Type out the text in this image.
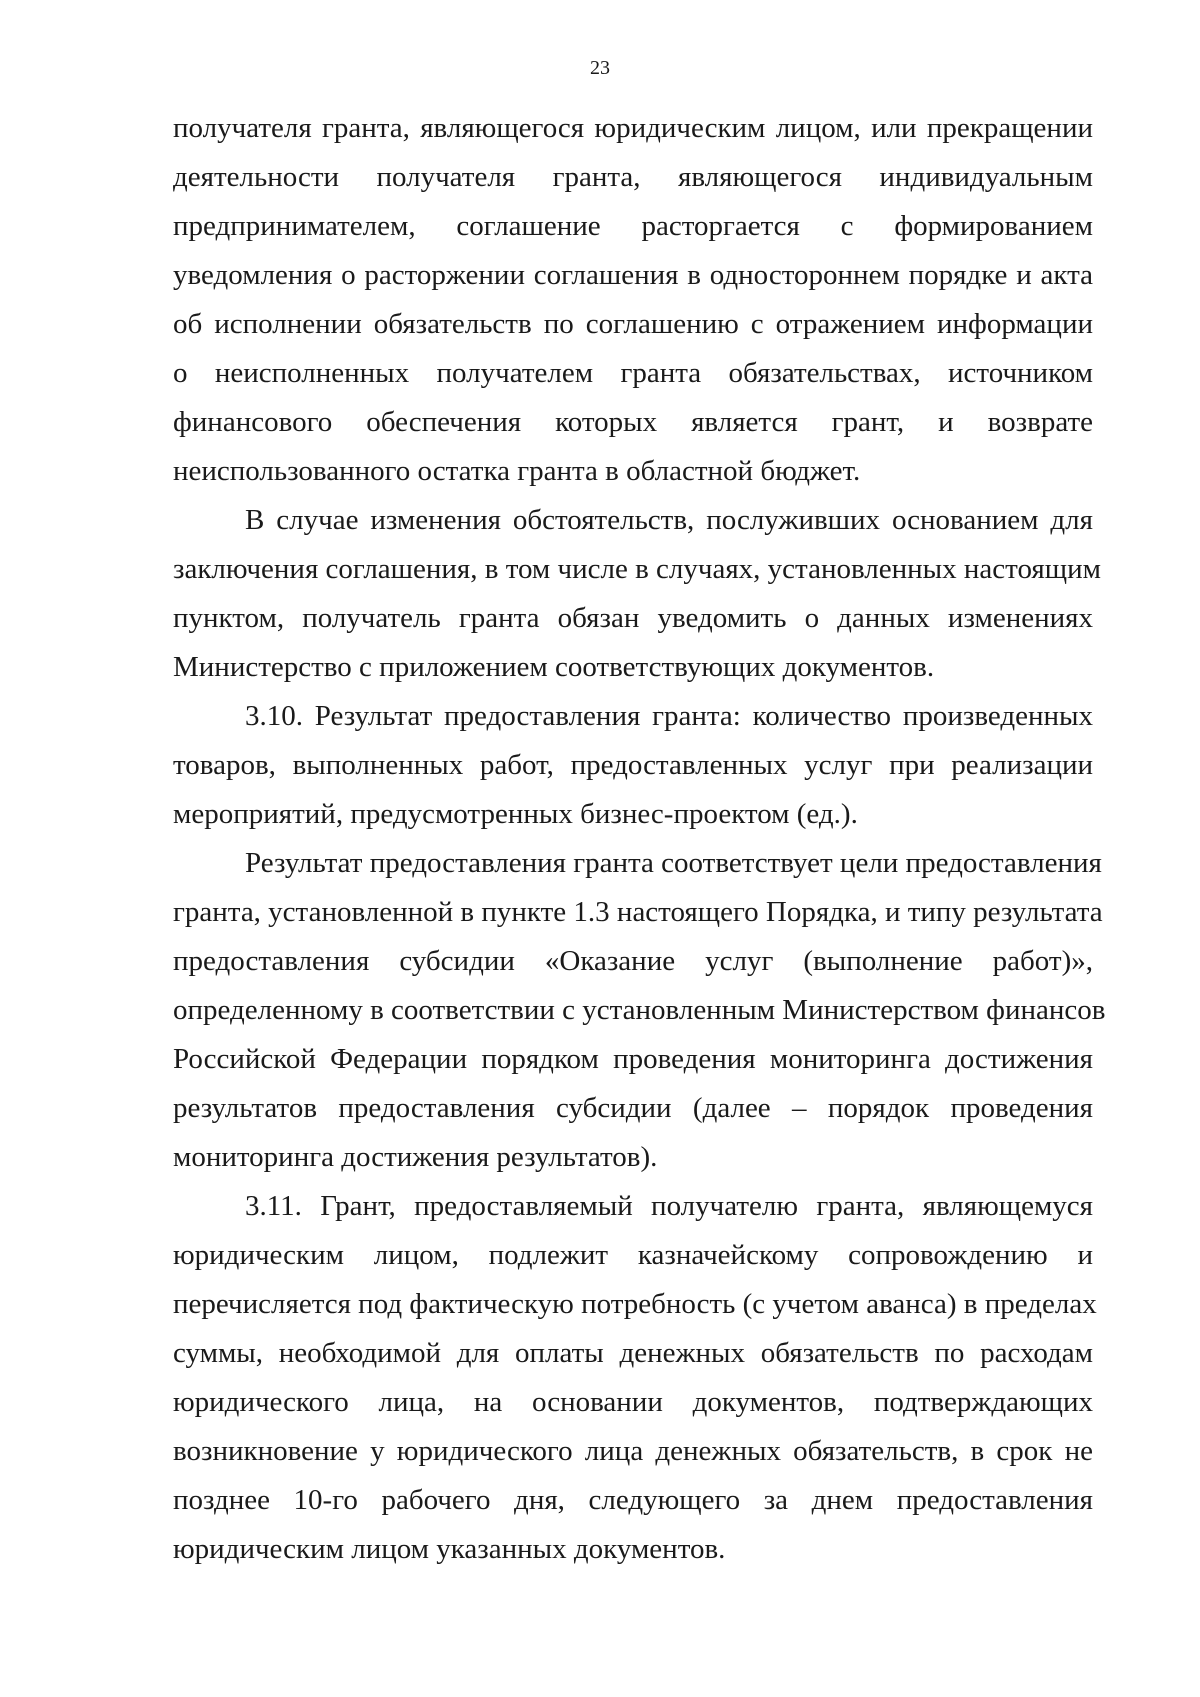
23
получателя гранта, являющегося юридическим лицом, или прекращении
деятельности получателя гранта, являющегося индивидуальным
предпринимателем, соглашение расторгается с формированием
уведомления о расторжении соглашения в одностороннем порядке и акта
об исполнении обязательств по соглашению с отражением информации
о неисполненных получателем гранта обязательствах, источником
финансового обеспечения которых является грант, и возврате
неиспользованного остатка гранта в областной бюджет.
В случае изменения обстоятельств, послуживших основанием для
заключения соглашения, в том числе в случаях, установленных настоящим
пунктом, получатель гранта обязан уведомить о данных изменениях
Министерство с приложением соответствующих документов.
3.10. Результат предоставления гранта: количество произведенных
товаров, выполненных работ, предоставленных услуг при реализации
мероприятий, предусмотренных бизнес-проектом (ед.).
Результат предоставления гранта соответствует цели предоставления
гранта, установленной в пункте 1.3 настоящего Порядка, и типу результата
предоставления субсидии «Оказание услуг (выполнение работ)»,
определенному в соответствии с установленным Министерством финансов
Российской Федерации порядком проведения мониторинга достижения
результатов предоставления субсидии (далее – порядок проведения
мониторинга достижения результатов).
3.11. Грант, предоставляемый получателю гранта, являющемуся
юридическим лицом, подлежит казначейскому сопровождению и
перечисляется под фактическую потребность (с учетом аванса) в пределах
суммы, необходимой для оплаты денежных обязательств по расходам
юридического лица, на основании документов, подтверждающих
возникновение у юридического лица денежных обязательств, в срок не
позднее 10-го рабочего дня, следующего за днем предоставления
юридическим лицом указанных документов.
